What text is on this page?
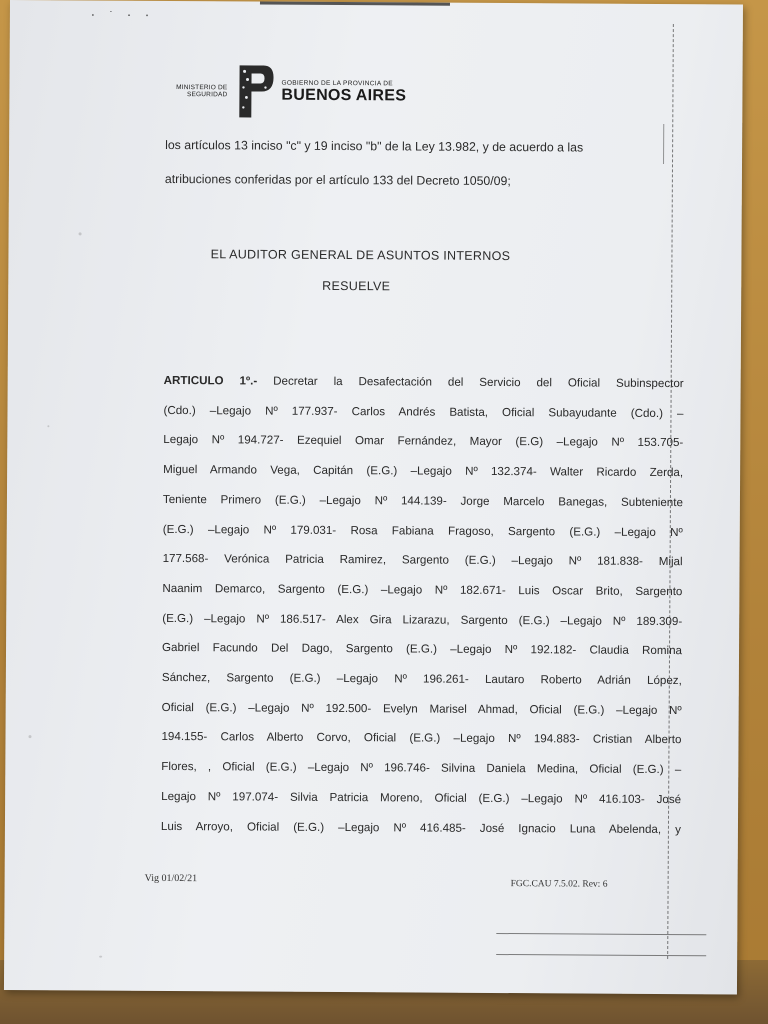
· ˙ · ·
MINISTERIO DE SEGURIDAD
GOBIERNO DE LA PROVINCIA DE
BUENOS AIRES
los artículos 13 inciso "c" y 19 inciso "b" de la Ley 13.982, y de acuerdo a las
atribuciones conferidas por el artículo 133 del Decreto 1050/09;
EL AUDITOR GENERAL DE ASUNTOS INTERNOS
RESUELVE
ARTICULO 1º.- Decretar la Desafectación del Servicio del Oficial Subinspector
(Cdo.) –Legajo Nº 177.937- Carlos Andrés Batista, Oficial Subayudante (Cdo.) –
Legajo Nº 194.727- Ezequiel Omar Fernández, Mayor (E.G) –Legajo Nº 153.705-
Miguel Armando Vega, Capitán (E.G.) –Legajo Nº 132.374- Walter Ricardo Zerda,
Teniente Primero (E.G.) –Legajo Nº 144.139- Jorge Marcelo Banegas, Subteniente
(E.G.) –Legajo Nº 179.031- Rosa Fabiana Fragoso, Sargento (E.G.) –Legajo Nº
177.568- Verónica Patricia Ramirez, Sargento (E.G.) –Legajo Nº 181.838- Mijal
Naanim Demarco, Sargento (E.G.) –Legajo Nº 182.671- Luis Oscar Brito, Sargento
(E.G.) –Legajo Nº 186.517- Alex Gira Lizarazu, Sargento (E.G.) –Legajo Nº 189.309-
Gabriel Facundo Del Dago, Sargento (E.G.) –Legajo Nº 192.182- Claudia Romina
Sánchez, Sargento (E.G.) –Legajo Nº 196.261- Lautaro Roberto Adrián López,
Oficial (E.G.) –Legajo Nº 192.500- Evelyn Marisel Ahmad, Oficial (E.G.) –Legajo Nº
194.155- Carlos Alberto Corvo, Oficial (E.G.) –Legajo Nº 194.883- Cristian Alberto
Flores, , Oficial (E.G.) –Legajo Nº 196.746- Silvina Daniela Medina, Oficial (E.G.) –
Legajo Nº 197.074- Silvia Patricia Moreno, Oficial (E.G.) –Legajo Nº 416.103- José
Luis Arroyo, Oficial (E.G.) –Legajo Nº 416.485- José Ignacio Luna Abelenda, y
Vig 01/02/21
FGC.CAU 7.5.02. Rev: 6
